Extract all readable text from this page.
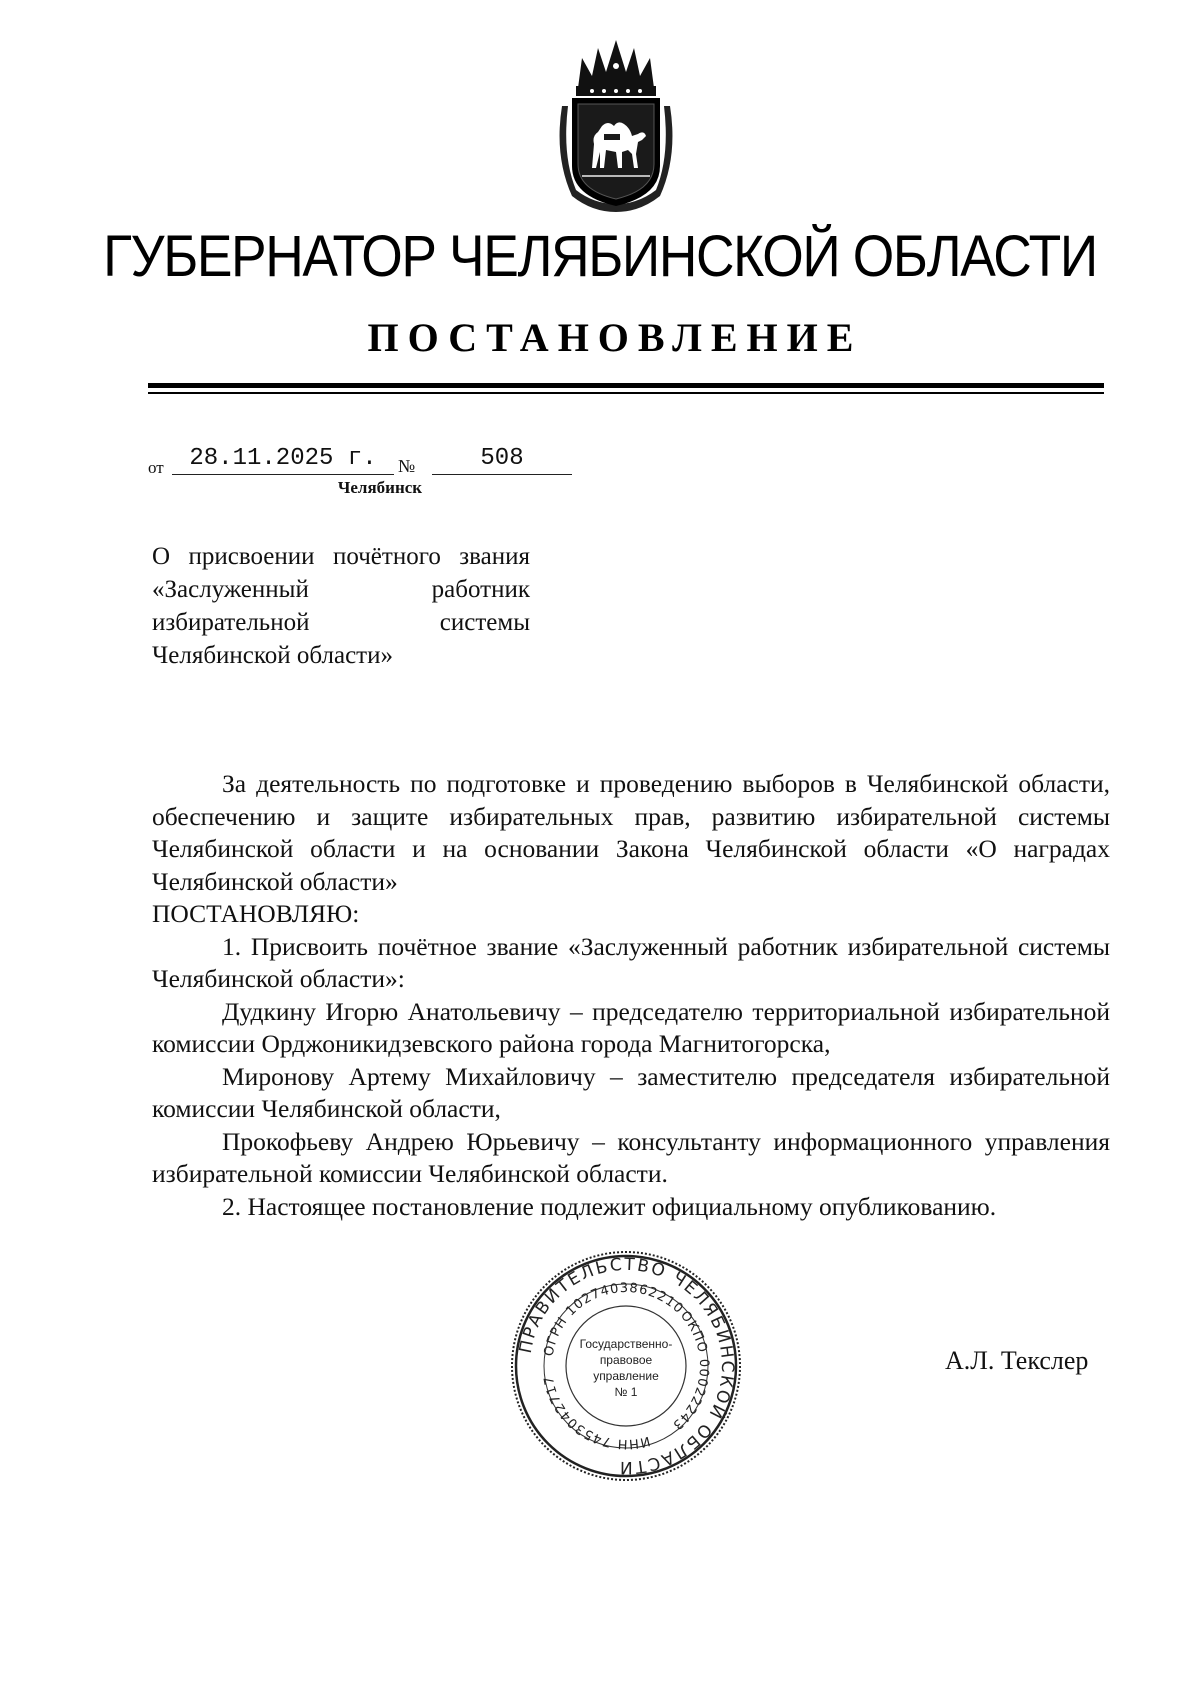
ГУБЕРНАТОР ЧЕЛЯБИНСКОЙ ОБЛАСТИ
ПОСТАНОВЛЕНИЕ
от	28.11.2025 г.	№	508
Челябинск
О присвоении почётного звания
«Заслуженный работник
избирательной системы
Челябинской области»

За деятельность по подготовке и проведению выборов в Челябинской области, обеспечению и защите избирательных прав, развитию избирательной системы Челябинской области и на основании Закона Челябинской области «О наградах Челябинской области»

ПОСТАНОВЛЯЮ:

1. Присвоить почётное звание «Заслуженный работник избирательной системы Челябинской области»:

Дудкину Игорю Анатольевичу – председателю территориальной избирательной комиссии Орджоникидзевского района города Магнитогорска,

Миронову Артему Михайловичу – заместителю председателя избирательной комиссии Челябинской области,

Прокофьеву Андрею Юрьевичу – консультанту информационного управления избирательной комиссии Челябинской области.

2. Настоящее постановление подлежит официальному опубликованию.

ПРАВИТЕЛЬСТВО ЧЕЛЯБИНСКОЙ ОБЛАСТИ
ОГРН 1027403862210
ОКПО 00022243
ИНН 7453042717
Государственно-
правовое
управление
№ 1
А.Л. Текслер
